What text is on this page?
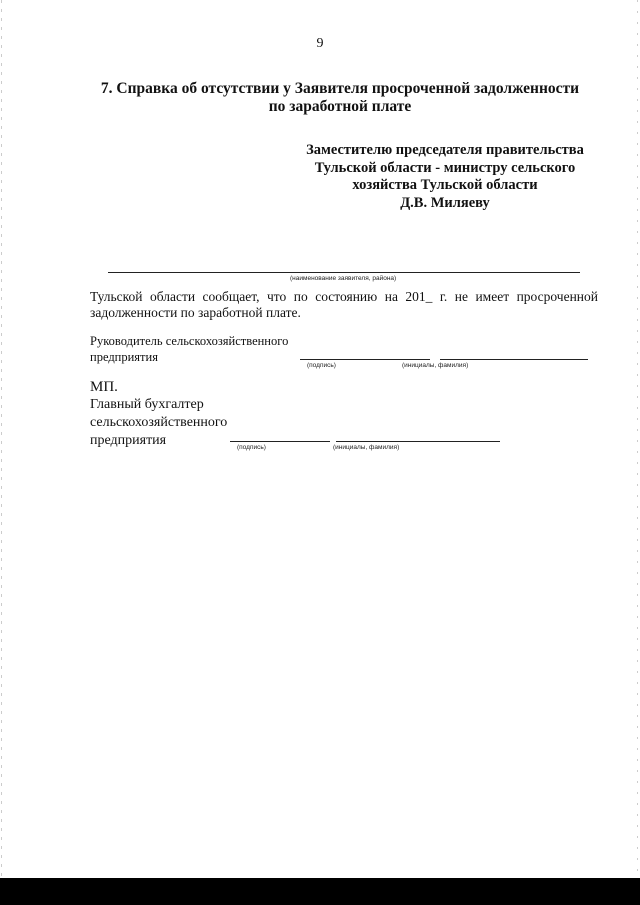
9
7. Справка об отсутствии у Заявителя просроченной задолженности
по заработной плате
Заместителю председателя правительства
Тульской области - министру сельского
хозяйства Тульской области
Д.В. Миляеву
(наименование заявителя, района)
Тульской области сообщает, что по состоянию на 201_ г. не имеет просроченной задолженности по заработной плате.
Руководитель сельскохозяйственного
предприятия
(подпись)	(инициалы, фамилия)
МП.
Главный бухгалтер
сельскохозяйственного
предприятия	(подпись)	(инициалы, фамилия)
